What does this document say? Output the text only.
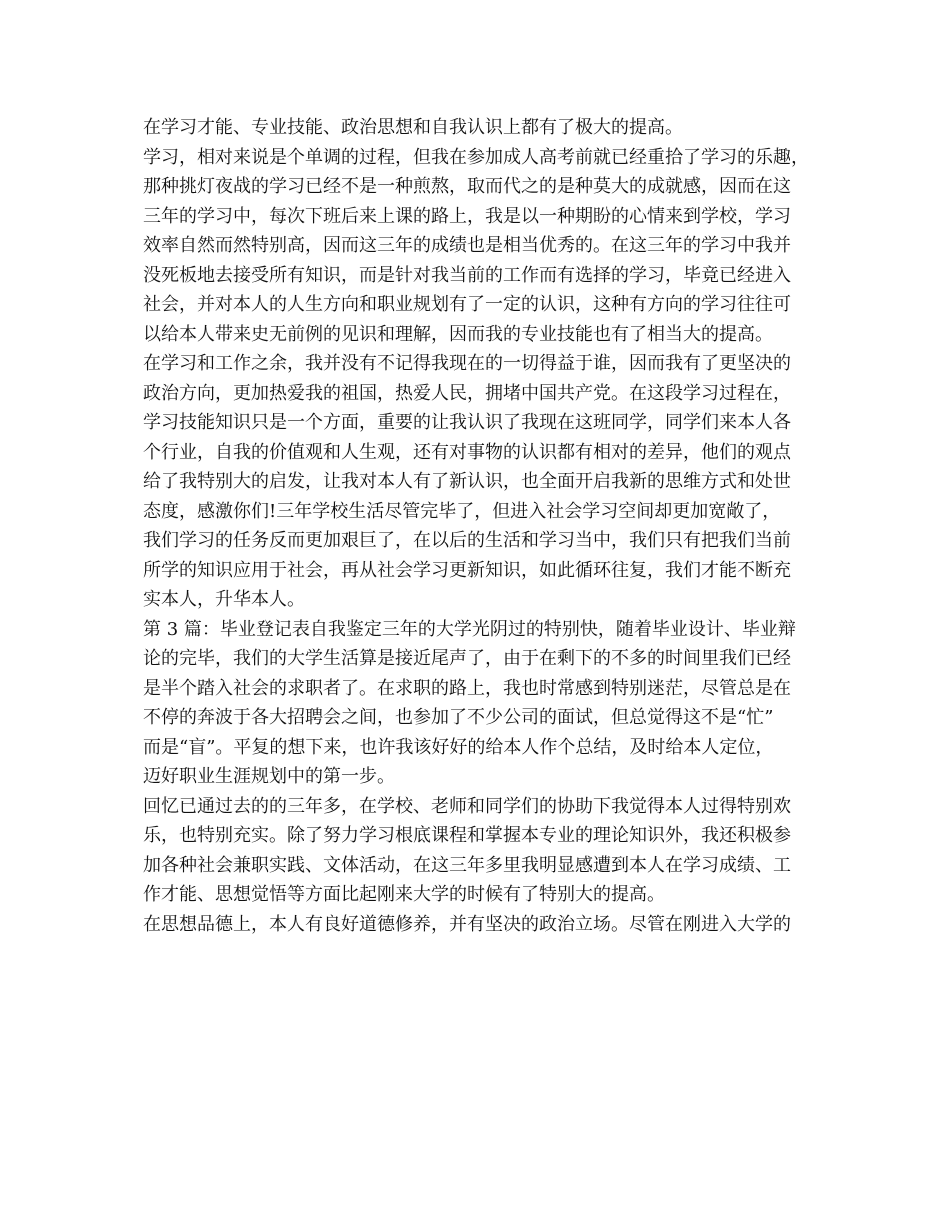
在学习才能、专业技能、政治思想和自我认识上都有了极大的提高。
学习，相对来说是个单调的过程，但我在参加成人高考前就已经重拾了学习的乐趣，
那种挑灯夜战的学习已经不是一种煎熬，取而代之的是种莫大的成就感，因而在这
三年的学习中，每次下班后来上课的路上，我是以一种期盼的心情来到学校，学习
效率自然而然特别高，因而这三年的成绩也是相当优秀的。在这三年的学习中我并
没死板地去接受所有知识，而是针对我当前的工作而有选择的学习，毕竟已经进入
社会，并对本人的人生方向和职业规划有了一定的认识，这种有方向的学习往往可
以给本人带来史无前例的见识和理解，因而我的专业技能也有了相当大的提高。
在学习和工作之余，我并没有不记得我现在的一切得益于谁，因而我有了更坚决的
政治方向，更加热爱我的祖国，热爱人民，拥堵中国共产党。在这段学习过程在，
学习技能知识只是一个方面，重要的让我认识了我现在这班同学，同学们来本人各
个行业，自我的价值观和人生观，还有对事物的认识都有相对的差异，他们的观点
给了我特别大的启发，让我对本人有了新认识，也全面开启我新的思维方式和处世
态度，感激你们!三年学校生活尽管完毕了，但进入社会学习空间却更加宽敞了，
我们学习的任务反而更加艰巨了，在以后的生活和学习当中，我们只有把我们当前
所学的知识应用于社会，再从社会学习更新知识，如此循环往复，我们才能不断充
实本人，升华本人。
第 3 篇：毕业登记表自我鉴定三年的大学光阴过的特别快，随着毕业设计、毕业辩
论的完毕，我们的大学生活算是接近尾声了，由于在剩下的不多的时间里我们已经
是半个踏入社会的求职者了。在求职的路上，我也时常感到特别迷茫，尽管总是在
不停的奔波于各大招聘会之间，也参加了不少公司的面试，但总觉得这不是“忙”
而是“盲”。平复的想下来，也许我该好好的给本人作个总结，及时给本人定位，
迈好职业生涯规划中的第一步。
回忆已通过去的的三年多，在学校、老师和同学们的协助下我觉得本人过得特别欢
乐，也特别充实。除了努力学习根底课程和掌握本专业的理论知识外，我还积极参
加各种社会兼职实践、文体活动，在这三年多里我明显感遭到本人在学习成绩、工
作才能、思想觉悟等方面比起刚来大学的时候有了特别大的提高。
在思想品德上，本人有良好道德修养，并有坚决的政治立场。尽管在刚进入大学的
